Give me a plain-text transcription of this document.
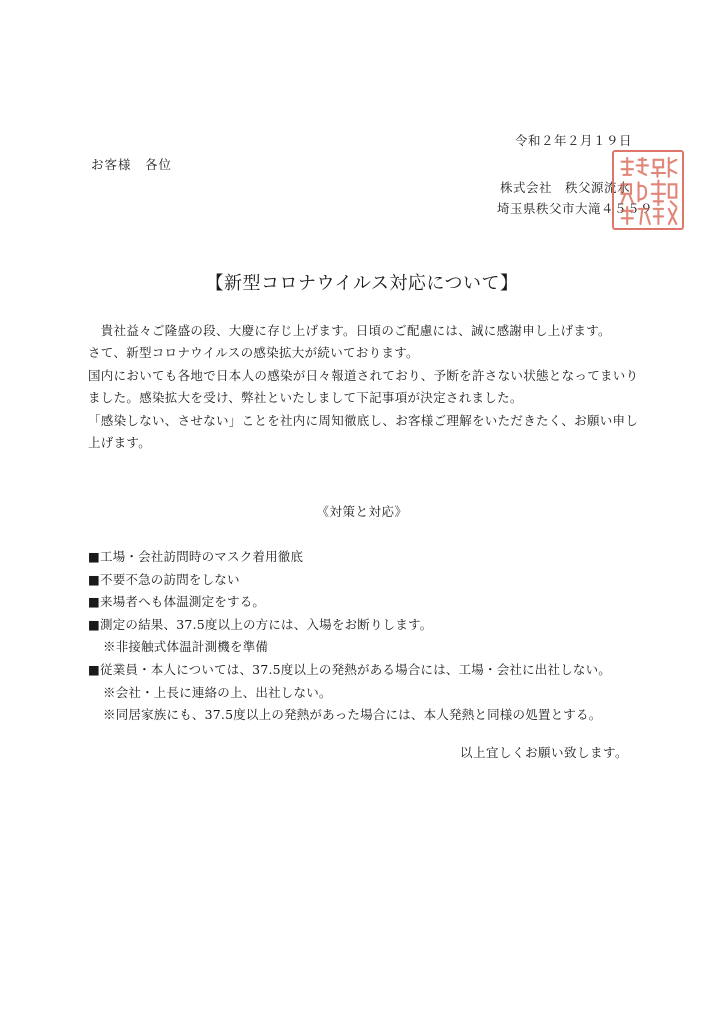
令和２年２月１９日
お客様　各位
株式会社　秩父源流水
埼玉県秩父市大滝４５５９
【新型コロナウイルス対応について】

　貴社益々ご隆盛の段、大慶に存じ上げます。日頃のご配慮には、誠に感謝申し上げます。

さて、新型コロナウイルスの感染拡大が続いております。

国内においても各地で日本人の感染が日々報道されており、予断を許さない状態となってまいりました。感染拡大を受け、弊社といたしまして下記事項が決定されました。

「感染しない、させない」ことを社内に周知徹底し、お客様ご理解をいただきたく、お願い申し上げます。

《対策と対応》
■工場・会社訪問時のマスク着用徹底
■不要不急の訪問をしない
■来場者へも体温測定をする。
■測定の結果、37.5度以上の方には、入場をお断りします。
※非接触式体温計測機を準備
■従業員・本人については、37.5度以上の発熱がある場合には、工場・会社に出社しない。
※会社・上長に連絡の上、出社しない。
※同居家族にも、37.5度以上の発熱があった場合には、本人発熱と同様の処置とする。
以上宜しくお願い致します。
